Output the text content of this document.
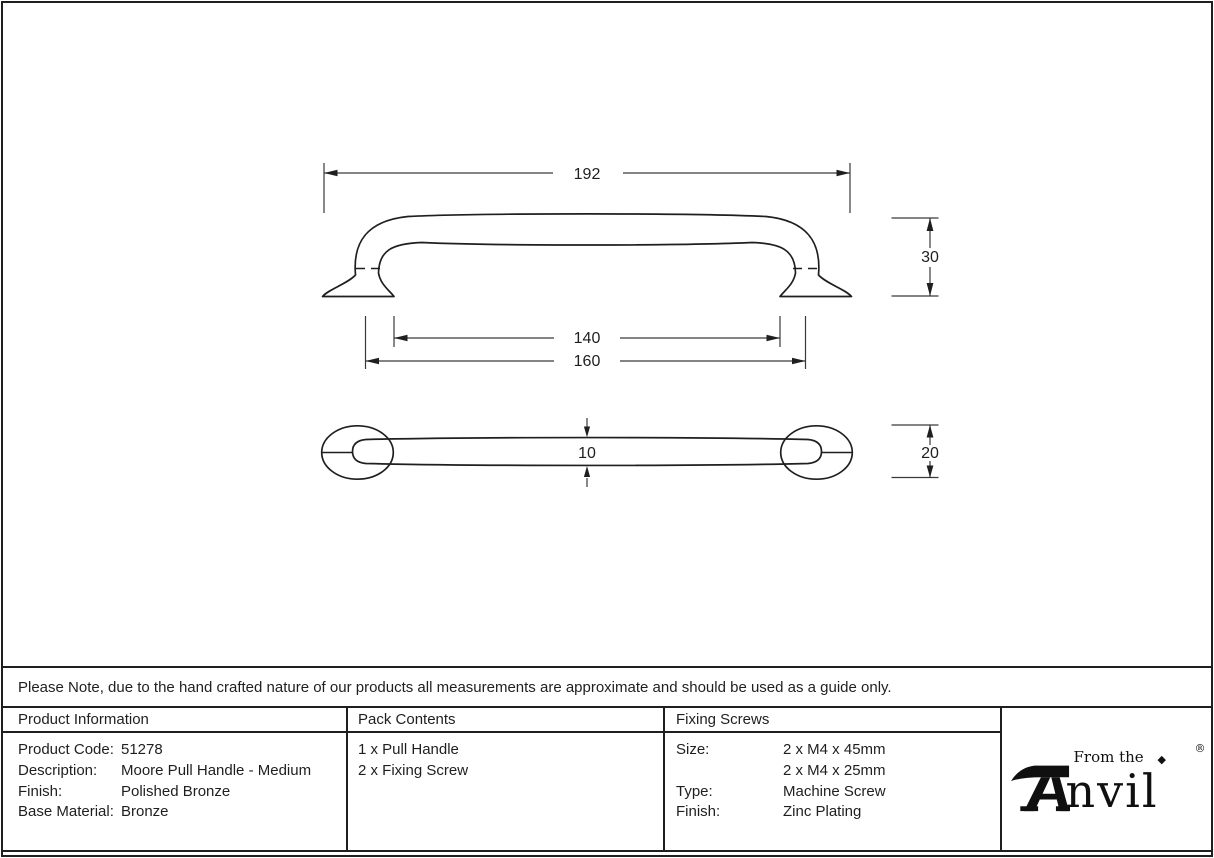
192
30
140
160
10	20
Please Note, due to the hand crafted nature of our products all measurements are approximate and should be used as a guide only.
Product Information	Pack Contents	Fixing Screws
Product Code: 51278
Description: Moore Pull Handle - Medium
Finish:	Polished Bronze
Base Material: Bronze
1 x Pull Handle
2 x Fixing Screw
Size:	2 x M4 x 45mm
2 x M4 x 25mm
Type:	Machine Screw
Finish:	Zinc Plating
From the ◆
nvil
®
